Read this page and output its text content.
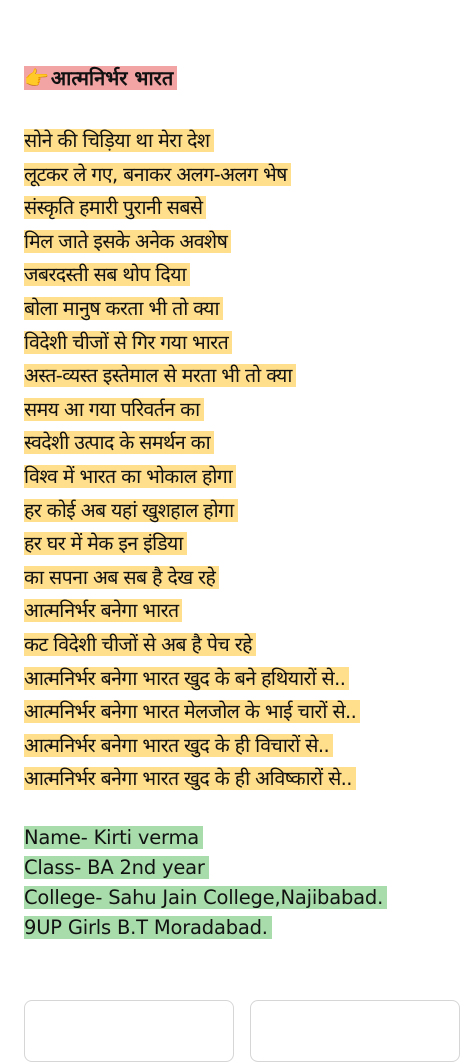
👉 आत्मनिर्भर भारत
सोने की चिड़िया था मेरा देश
लूटकर ले गए, बनाकर अलग-अलग भेष
संस्कृति हमारी पुरानी सबसे
मिल जाते इसके अनेक अवशेष
जबरदस्ती सब थोप दिया
बोला मानुष करता भी तो क्या
विदेशी चीजों से गिर गया भारत
अस्त-व्यस्त इस्तेमाल से मरता भी तो क्या
समय आ गया परिवर्तन का
स्वदेशी उत्पाद के समर्थन का
विश्व में भारत का भोकाल होगा
हर कोई अब यहां खुशहाल होगा
हर घर में मेक इन इंडिया
का सपना अब सब है देख रहे
आत्मनिर्भर बनेगा भारत
कट विदेशी चीजों से अब है पेच रहे
आत्मनिर्भर बनेगा भारत खुद के बने हथियारों से..
आत्मनिर्भर बनेगा भारत मेलजोल के भाई चारों से..
आत्मनिर्भर बनेगा भारत खुद के ही विचारों से..
आत्मनिर्भर बनेगा भारत खुद के ही अविष्कारों से..
Name- Kirti verma
Class- BA 2nd year
College- Sahu Jain College,Najibabad.
9UP Girls B.T Moradabad.
